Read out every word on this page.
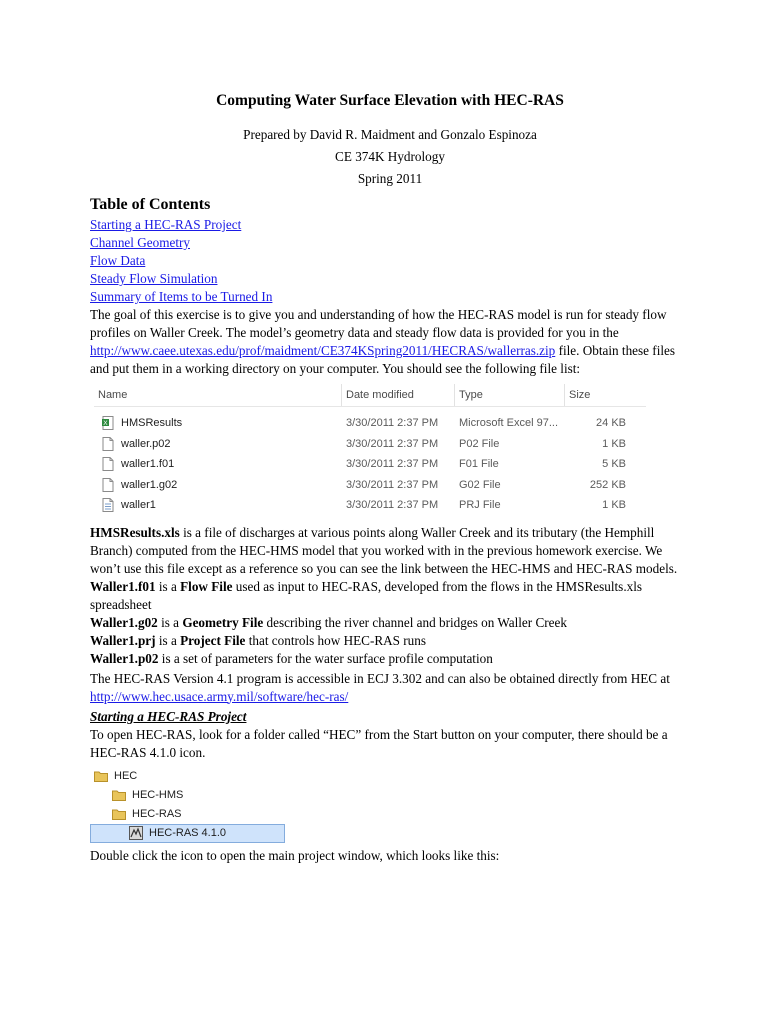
Computing Water Surface Elevation with HEC-RAS
Prepared by David R. Maidment and Gonzalo Espinoza
CE 374K Hydrology
Spring 2011
Table of Contents
Starting a HEC-RAS Project
Channel Geometry
Flow Data
Steady Flow Simulation
Summary of Items to be Turned In

The goal of this exercise is to give you and understanding of how the HEC-RAS model is run for steady flow profiles on Waller Creek. The model’s geometry data and steady flow data is provided for you in the http://www.caee.utexas.edu/prof/maidment/CE374KSpring2011/HECRAS/wallerras.zip file. Obtain these files and put them in a working directory on your computer. You should see the following file list:

Name	Date modified	Type	Size
X HMSResults	3/30/2011 2:37 PM	Microsoft Excel 97...	24 KB
waller.p02	3/30/2011 2:37 PM	P02 File	1 KB
waller1.f01	3/30/2011 2:37 PM	F01 File	5 KB
waller1.g02	3/30/2011 2:37 PM	G02 File	252 KB
waller1	3/30/2011 2:37 PM	PRJ File	1 KB

HMSResults.xls is a file of discharges at various points along Waller Creek and its tributary (the Hemphill Branch) computed from the HEC-HMS model that you worked with in the previous homework exercise. We won’t use this file except as a reference so you can see the link between the HEC-HMS and HEC-RAS models.

Waller1.f01 is a Flow File used as input to HEC-RAS, developed from the flows in the HMSResults.xls spreadsheet

Waller1.g02 is a Geometry File describing the river channel and bridges on Waller Creek

Waller1.prj is a Project File that controls how HEC-RAS runs

Waller1.p02 is a set of parameters for the water surface profile computation

The HEC-RAS Version 4.1 program is accessible in ECJ 3.302 and can also be obtained directly from HEC at http://www.hec.usace.army.mil/software/hec-ras/

Starting a HEC-RAS Project

To open HEC-RAS, look for a folder called “HEC” from the Start button on your computer, there should be a HEC-RAS 4.1.0 icon.

HEC
HEC-HMS
HEC-RAS
HEC-RAS 4.1.0

Double click the icon to open the main project window, which looks like this:
